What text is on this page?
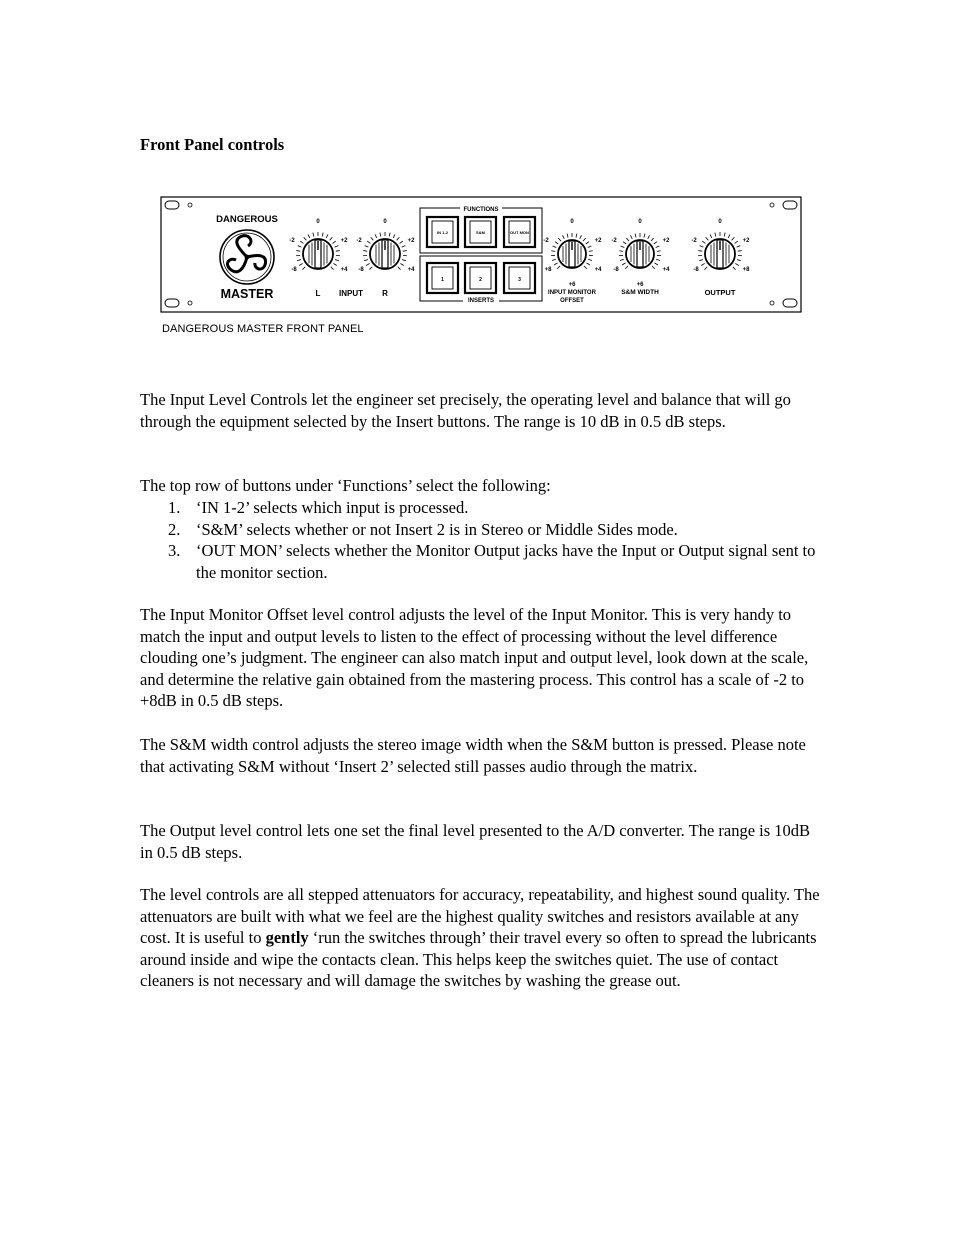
Front Panel controls
DANGEROUS
MASTER	L INPUT R
FUNCTIONS
INSERTS
IN 1-2	S&M	OUT MON
1	2	3
INPUT MONITOR
OFFSET
S&M WIDTH	OUTPUT
0
-2	+2
-8	+4
0
-2	+2
-8	+4
0
-2	+2
+8	+4
+6
0
-2	+2
-8	+4
+6
0
-2	+2
-8	+8
DANGEROUS MASTER FRONT PANEL

The Input Level Controls let the engineer set precisely, the operating level and balance that will go through the equipment selected by the Insert buttons. The range is 10 dB in 0.5 dB steps.

The top row of buttons under ‘Functions’ select the following:

1. ‘IN 1-2’ selects which input is processed.
2. ‘S&M’ selects whether or not Insert 2 is in Stereo or Middle Sides mode.
3. ‘OUT MON’ selects whether the Monitor Output jacks have the Input or Output signal sent to the monitor section.

The Input Monitor Offset level control adjusts the level of the Input Monitor. This is very handy to match the input and output levels to listen to the effect of processing without the level difference clouding one’s judgment. The engineer can also match input and output level, look down at the scale, and determine the relative gain obtained from the mastering process. This control has a scale of -2 to +8dB in 0.5 dB steps.

The S&M width control adjusts the stereo image width when the S&M button is pressed. Please note that activating S&M without ‘Insert 2’ selected still passes audio through the matrix.

The Output level control lets one set the final level presented to the A/D converter. The range is 10dB in 0.5 dB steps.

The level controls are all stepped attenuators for accuracy, repeatability, and highest sound quality. The attenuators are built with what we feel are the highest quality switches and resistors available at any cost. It is useful to gently ‘run the switches through’ their travel every so often to spread the lubricants around inside and wipe the contacts clean. This helps keep the switches quiet. The use of contact cleaners is not necessary and will damage the switches by washing the grease out.
